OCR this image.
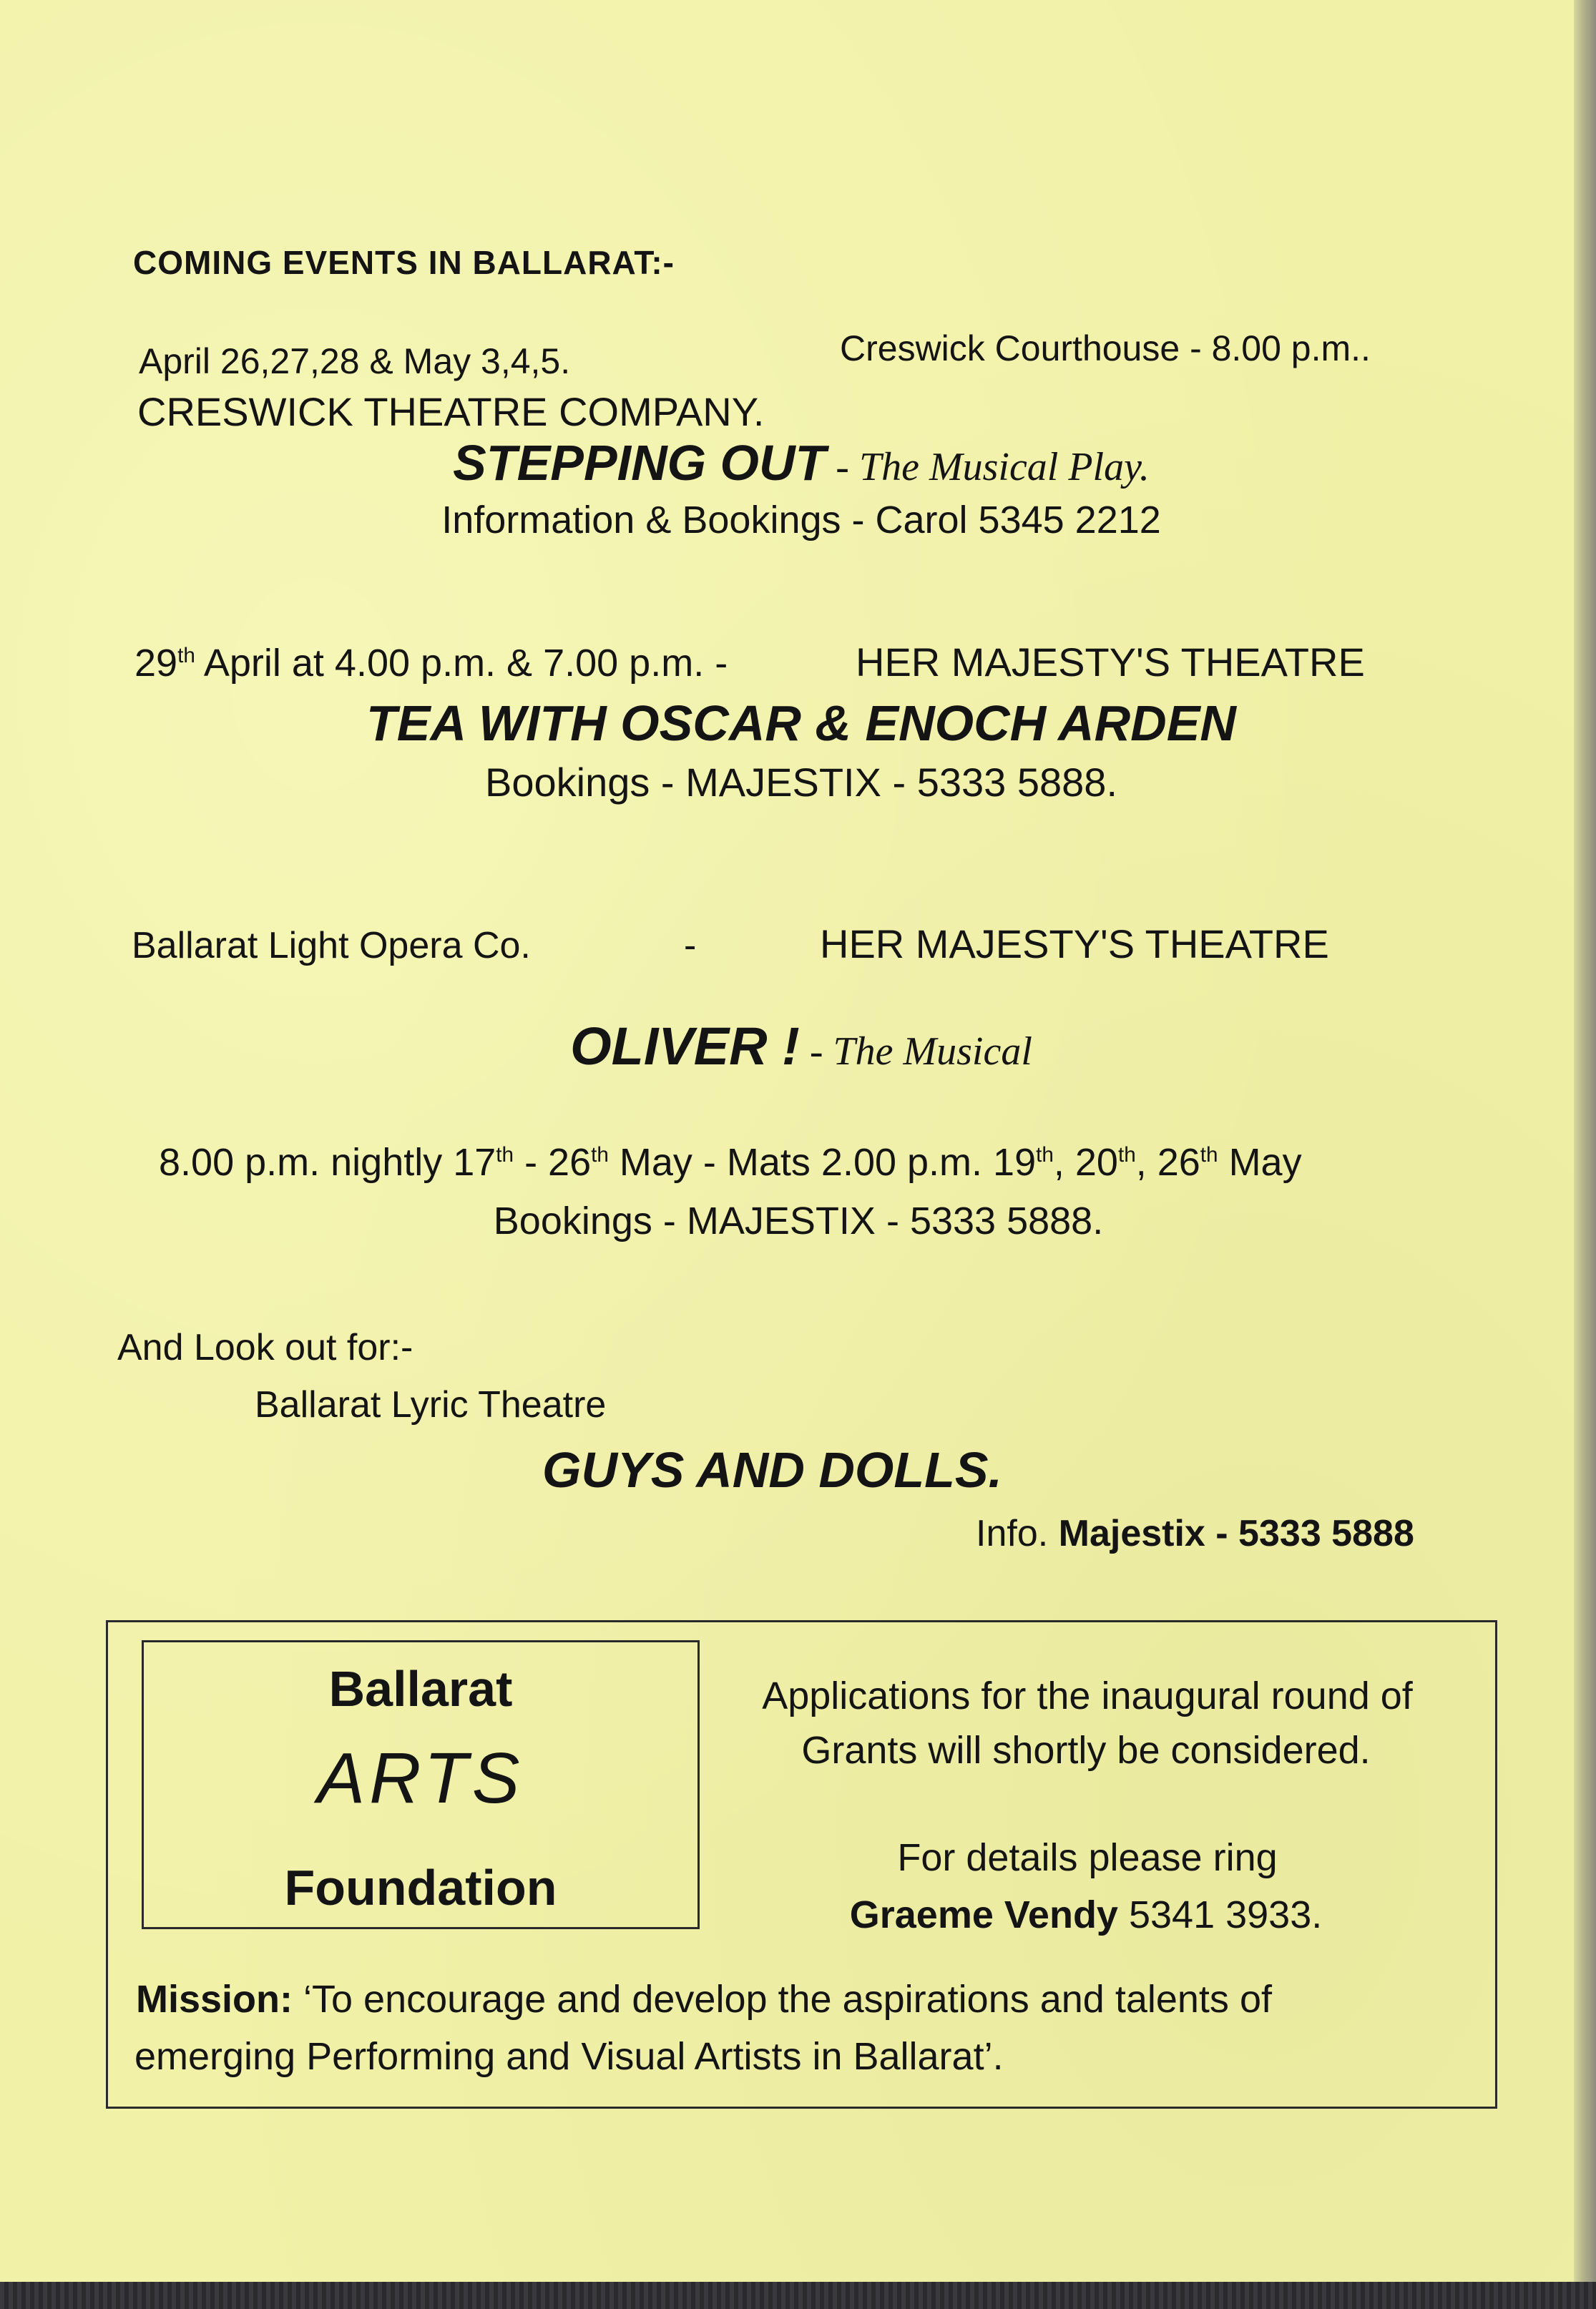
COMING EVENTS IN BALLARAT:-
April 26,27,28 & May 3,4,5.	Creswick Courthouse - 8.00 p.m..
CRESWICK THEATRE COMPANY.
STEPPING OUT - The Musical Play.
Information & Bookings - Carol 5345 2212
29th April at 4.00 p.m. & 7.00 p.m. -	HER MAJESTY'S THEATRE
TEA WITH OSCAR & ENOCH ARDEN
Bookings - MAJESTIX - 5333 5888.
Ballarat Light Opera Co.	-	HER MAJESTY'S THEATRE
OLIVER ! - The Musical
8.00 p.m. nightly 17th - 26th May - Mats 2.00 p.m. 19th, 20th, 26th May
Bookings - MAJESTIX - 5333 5888.
And Look out for:-
Ballarat Lyric Theatre
GUYS AND DOLLS.
Info. Majestix - 5333 5888
Ballarat
ARTS
Foundation
Applications for the inaugural round of
Grants will shortly be considered.
For details please ring
Graeme Vendy 5341 3933.
Mission: ‘To encourage and develop the aspirations and talents of
emerging Performing and Visual Artists in Ballarat’.
